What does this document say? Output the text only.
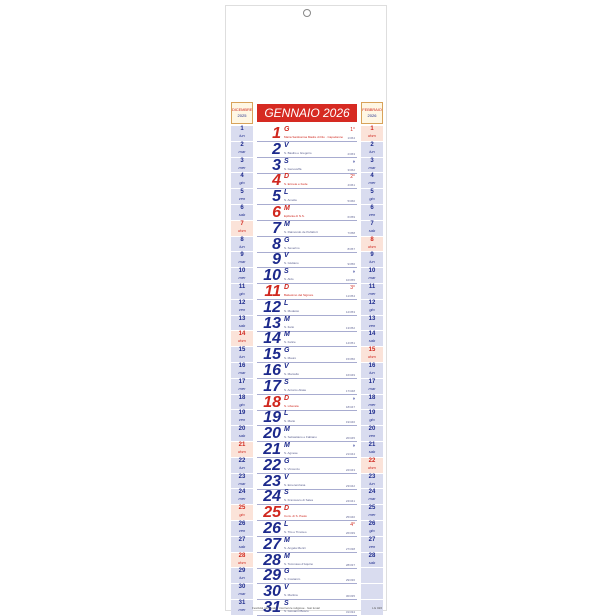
DICEMBRE
2025	GENNAIO 2026	FEBBRAIO
2026
1
lun
2
mar
3
mer
4
gio
5
ven
6
sab
7
dom
8
lun
9
mar
10
mer
11
gio
12
ven
13
sab
14
dom
15
lun
16
mar
17
mer
18
gio
19
ven
20
sab
21
dom
22
lun
23
mar
24
mer
25
gio
26
ven
27
sab
28
dom
29
lun
30
mar
31
mer
1 G
Maria Santissima Madre di Dio · Capodanno 1/364
1°
2 V
S. Basilio e Gregorio	2/363
3 S
S. Genoveffa	3/362
◑
4 D
S. Ermete e Fede	4/361
2°
5 L
S. Amelia	5/360
6 M
Epifania di N.S.	6/359
7 M
S. Raimondo de Peñafort	7/358
8 G
S. Severino	8/357
9 V
S. Giuliano	9/356
10 S
S. Aldo	10/355
◑
11 D
Battesimo del Signore	11/354
3°
12 L
S. Modesto	12/353
13 M
S. Ilario	13/352
14 M
S. Felice	14/351
15 G
S. Mauro	15/350
16 V
S. Marcello	16/349
17 S
S. Antonio Abate	17/348
18 D
S. Liberata	18/347
◑
19 L
S. Mario	19/346
20 M
S. Sebastiano e Fabiano	20/345
21 M
S. Agnese	21/344
◑
22 G
S. Vincenzo	22/343
23 V
S. Emerenziana	23/342
24 S
S. Francesco di Sales	24/341
25 D
Conv. di S. Paolo	25/340
26 L
S. Tito e Timoteo	26/339
4°
27 M
S. Angela Merici	27/338
28 M
S. Tommaso d'Aquino	28/337
29 G
S. Costanzo	29/336
30 V
S. Martina	30/335
31 S
S. Giovanni Bosco	31/334
1
dom
2
lun
3
mar
4
mer
5
gio
6
ven
7
sab
8
dom
9
lun
10
mar
11
mer
12
gio
13
ven
14
sab
15
dom
16
lun
17
mar
18
mer
19
gio
20
ven
21
sab
22
dom
23
lun
24
mar
25
mer
26
gio
27
ven
28
sab
Festività nazionali e ricorrenze religiose · fasi lunari	LG 026
